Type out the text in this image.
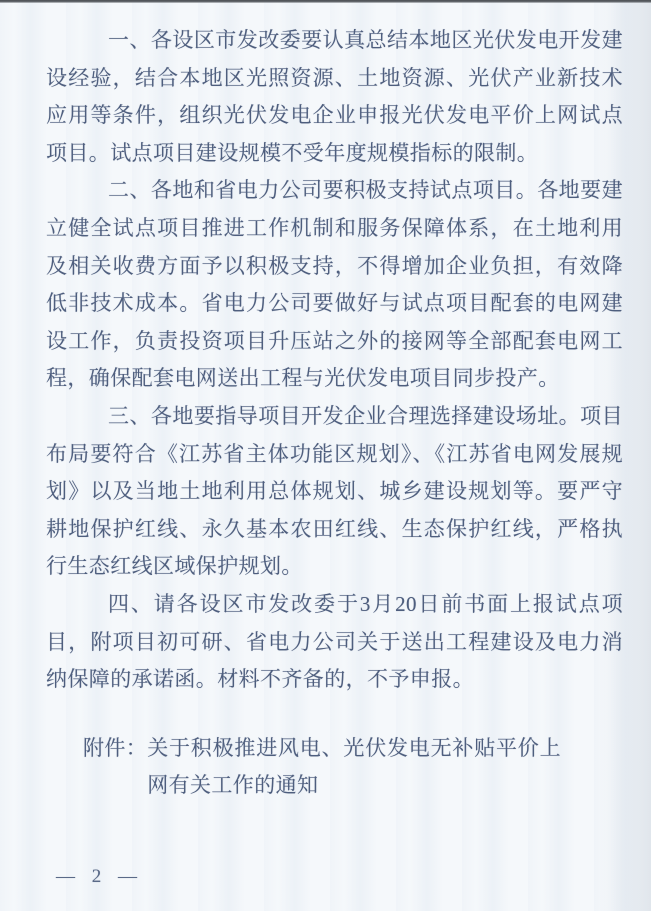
一、各设区市发改委要认真总结本地区光伏发电开发建设经验，结合本地区光照资源、土地资源、光伏产业新技术应用等条件，组织光伏发电企业申报光伏发电平价上网试点项目。试点项目建设规模不受年度规模指标的限制。

二、各地和省电力公司要积极支持试点项目。各地要建立健全试点项目推进工作机制和服务保障体系，在土地利用及相关收费方面予以积极支持，不得增加企业负担，有效降低非技术成本。省电力公司要做好与试点项目配套的电网建设工作，负责投资项目升压站之外的接网等全部配套电网工程，确保配套电网送出工程与光伏发电项目同步投产。

三、各地要指导项目开发企业合理选择建设场址。项目布局要符合《江苏省主体功能区规划》、《江苏省电网发展规划》以及当地土地利用总体规划、城乡建设规划等。要严守耕地保护红线、永久基本农田红线、生态保护红线，严格执行生态红线区域保护规划。

四、请各设区市发改委于3月20日前书面上报试点项目，附项目初可研、省电力公司关于送出工程建设及电力消纳保障的承诺函。材料不齐备的，不予申报。

附件： 关于积极推进风电、光伏发电无补贴平价上网有关工作的通知
— 2 —
